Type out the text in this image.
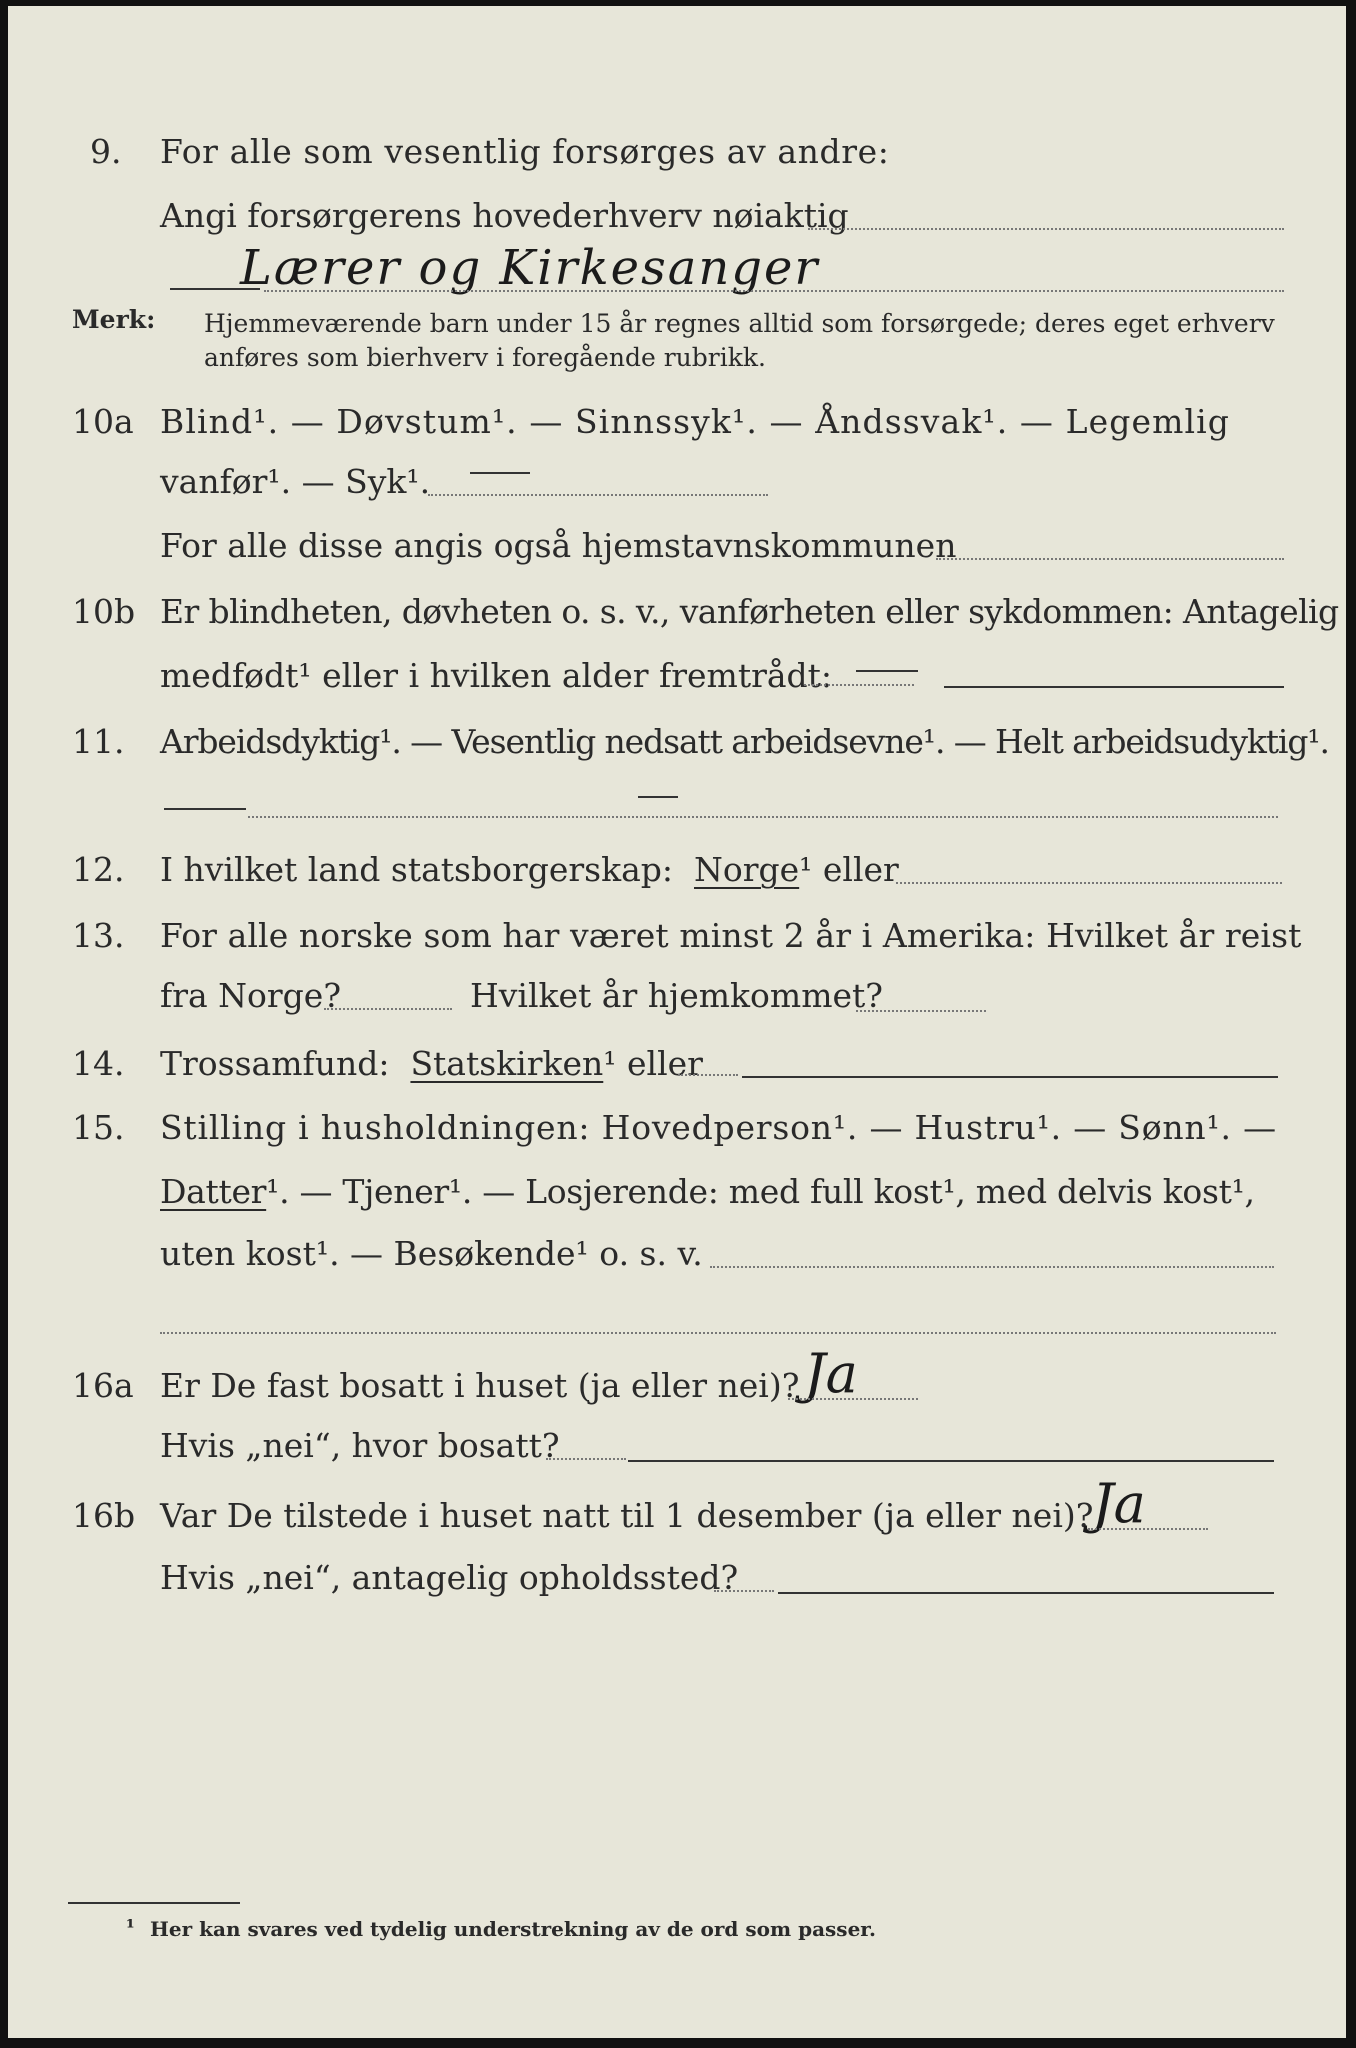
9. For alle som vesentlig forsørges av andre:
Angi forsørgerens hovederhverv nøiaktig
Lærer og Kirkesanger
Merk: Hjemmeværende barn under 15 år regnes alltid som forsørgede; deres eget erhverv
anføres som bierhverv i foregående rubrikk.
10a Blind¹. — Døvstum¹. — Sinnssyk¹. — Åndssvak¹. — Legemlig
vanfør¹. — Syk¹.
For alle disse angis også hjemstavnskommunen
10b Er blindheten, døvheten o. s. v., vanførheten eller sykdommen: Antagelig
medfødt¹ eller i hvilken alder fremtrådt:
11. Arbeidsdyktig¹. — Vesentlig nedsatt arbeidsevne¹. — Helt arbeidsudyktig¹.
12. I hvilket land statsborgerskap: Norge¹ eller
13. For alle norske som har været minst 2 år i Amerika: Hvilket år reist
fra Norge?	Hvilket år hjemkommet?
14. Trossamfund: Statskirken¹ eller
15. Stilling i husholdningen: Hovedperson¹. — Hustru¹. — Sønn¹. —
Datter¹. — Tjener¹. — Losjerende: med full kost¹, med delvis kost¹,
uten kost¹. — Besøkende¹ o. s. v.
16a Er De fast bosatt i huset (ja eller nei)? Ja
Hvis „nei“, hvor bosatt?
16b Var De tilstede i huset natt til 1 desember (ja eller nei)?
Ja
Hvis „nei“, antagelig opholdssted?
¹ Her kan svares ved tydelig understrekning av de ord som passer.
